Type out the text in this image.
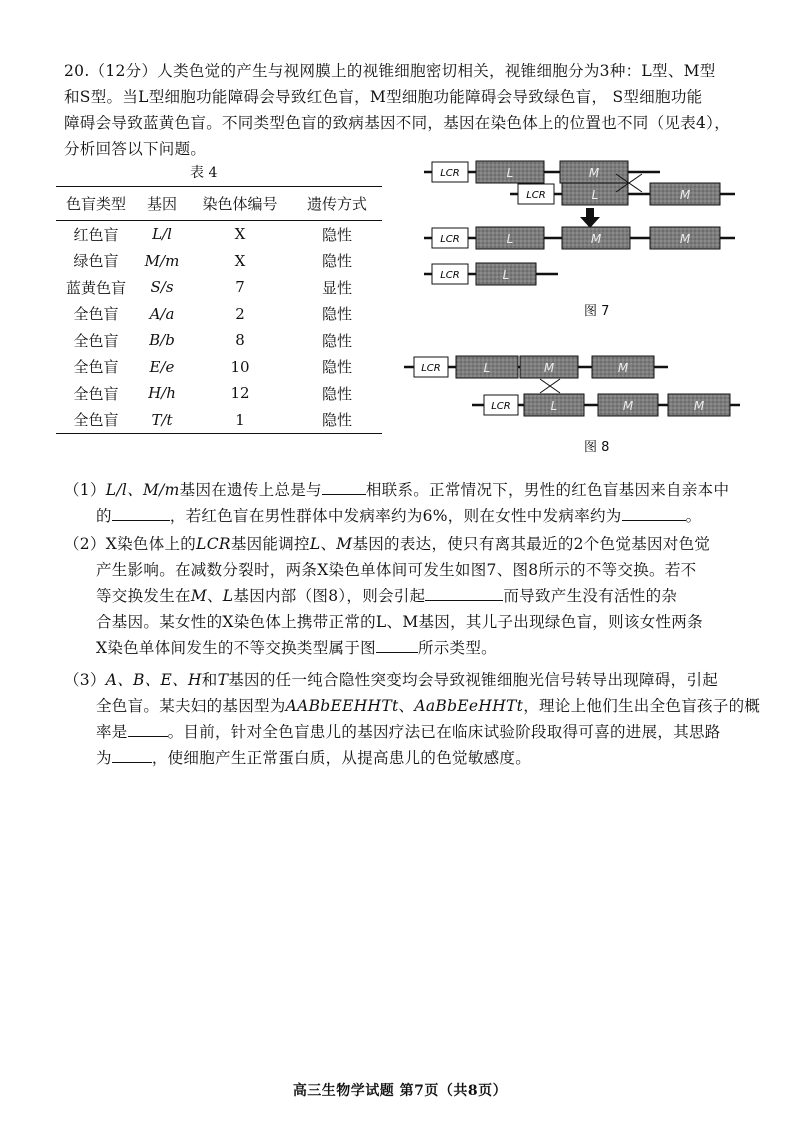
20.（12分）人类色觉的产生与视网膜上的视锥细胞密切相关，视锥细胞分为3种：L型、M型
和S型。当L型细胞功能障碍会导致红色盲，M型细胞功能障碍会导致绿色盲， S型细胞功能
障碍会导致蓝黄色盲。不同类型色盲的致病基因不同，基因在染色体上的位置也不同（见表4），
分析回答以下问题。
表 4
色盲类型	基因	染色体编号	遗传方式
红色盲	L/l	X	隐性
绿色盲	M/m	X	隐性
蓝黄色盲	S/s	7	显性
全色盲	A/a	2	隐性
全色盲	B/b	8	隐性
全色盲	E/e	10	隐性
全色盲	H/h	12	隐性
全色盲	T/t	1	隐性
LCR	L	M
LCR	L	M
LCR	L	M	M
LCR	L
图 7
LCR	L	M	M
LCR	L	M	M
图 8
（1）L/l、M/m基因在遗传上总是与	相联系。正常情况下，男性的红色盲基因来自亲本中
的	，若红色盲在男性群体中发病率约为6%，则在女性中发病率约为	。
（2）X染色体上的LCR基因能调控L、M基因的表达，使只有离其最近的2个色觉基因对色觉
产生影响。在减数分裂时，两条X染色单体间可发生如图7、图8所示的不等交换。若不
等交换发生在M、L基因内部（图8），则会引起	而导致产生没有活性的杂
合基因。某女性的X染色体上携带正常的L、M基因，其儿子出现绿色盲，则该女性两条
X染色单体间发生的不等交换类型属于图	所示类型。
（3）A、B、E、H和T基因的任一纯合隐性突变均会导致视锥细胞光信号转导出现障碍，引起
全色盲。某夫妇的基因型为AABbEEHHTt、AaBbEeHHTt，理论上他们生出全色盲孩子的概
率是	。目前，针对全色盲患儿的基因疗法已在临床试验阶段取得可喜的进展，其思路
为	，使细胞产生正常蛋白质，从提高患儿的色觉敏感度。
高三生物学试题 第7页（共8页）
